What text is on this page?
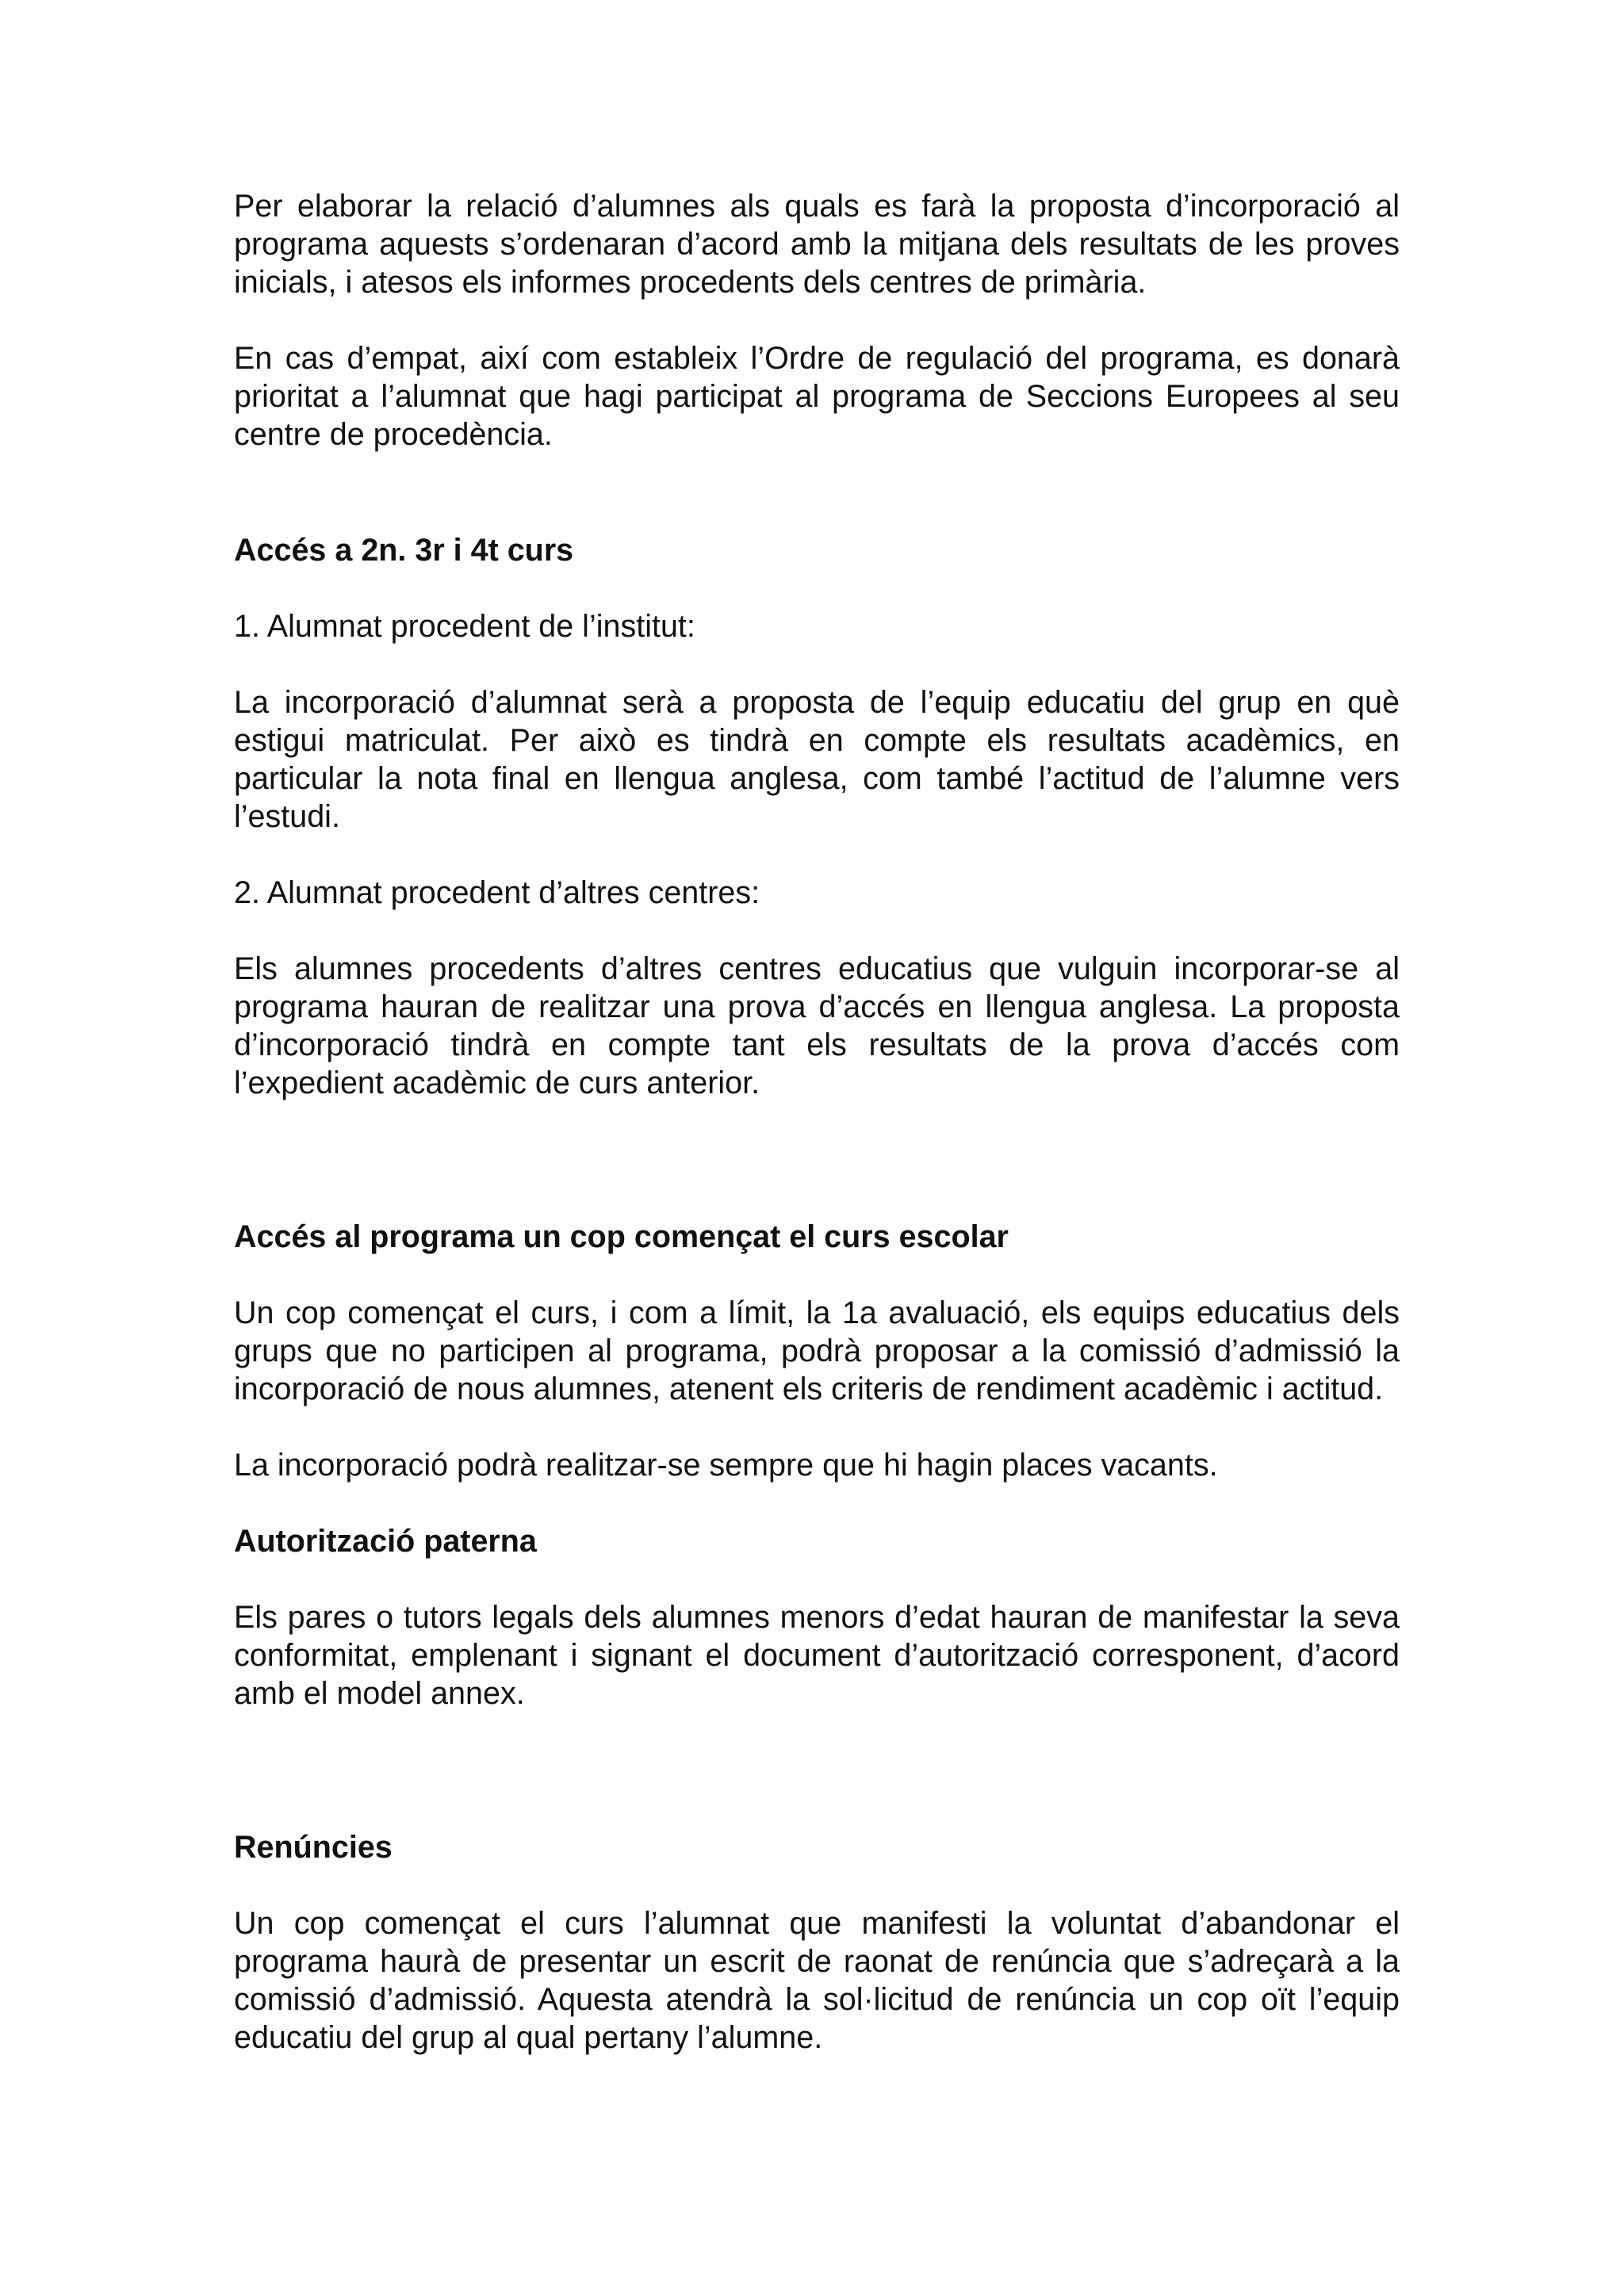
Per elaborar la relació d’alumnes als quals es farà la proposta d’incorporació al programa aquests s’ordenaran d’acord amb la mitjana dels resultats de les proves inicials, i atesos els informes procedents dels centres de primària.

En cas d’empat, així com estableix l’Ordre de regulació del programa, es donarà prioritat a l’alumnat que hagi participat al programa de Seccions Europees al seu centre de procedència.

Accés a 2n. 3r i 4t curs

1. Alumnat procedent de l’institut:

La incorporació d’alumnat serà a proposta de l’equip educatiu del grup en què estigui matriculat. Per això es tindrà en compte els resultats acadèmics, en particular la nota final en llengua anglesa, com també l’actitud de l’alumne vers l’estudi.

2. Alumnat procedent d’altres centres:

Els alumnes procedents d’altres centres educatius que vulguin incorporar-se al programa hauran de realitzar una prova d’accés en llengua anglesa. La proposta d’incorporació tindrà en compte tant els resultats de la prova d’accés com l’expedient acadèmic de curs anterior.

Accés al programa un cop començat el curs escolar

Un cop començat el curs, i com a límit, la 1a avaluació, els equips educatius dels grups que no participen al programa, podrà proposar a la comissió d’admissió la incorporació de nous alumnes, atenent els criteris de rendiment acadèmic i actitud.

La incorporació podrà realitzar-se sempre que hi hagin places vacants.

Autorització paterna

Els pares o tutors legals dels alumnes menors d’edat hauran de manifestar la seva conformitat, emplenant i signant el document d’autorització corresponent, d’acord amb el model annex.

Renúncies

Un cop començat el curs l’alumnat que manifesti la voluntat d’abandonar el programa haurà de presentar un escrit de raonat de renúncia que s’adreçarà a la comissió d’admissió. Aquesta atendrà la sol·licitud de renúncia un cop oït l’equip educatiu del grup al qual pertany l’alumne.
